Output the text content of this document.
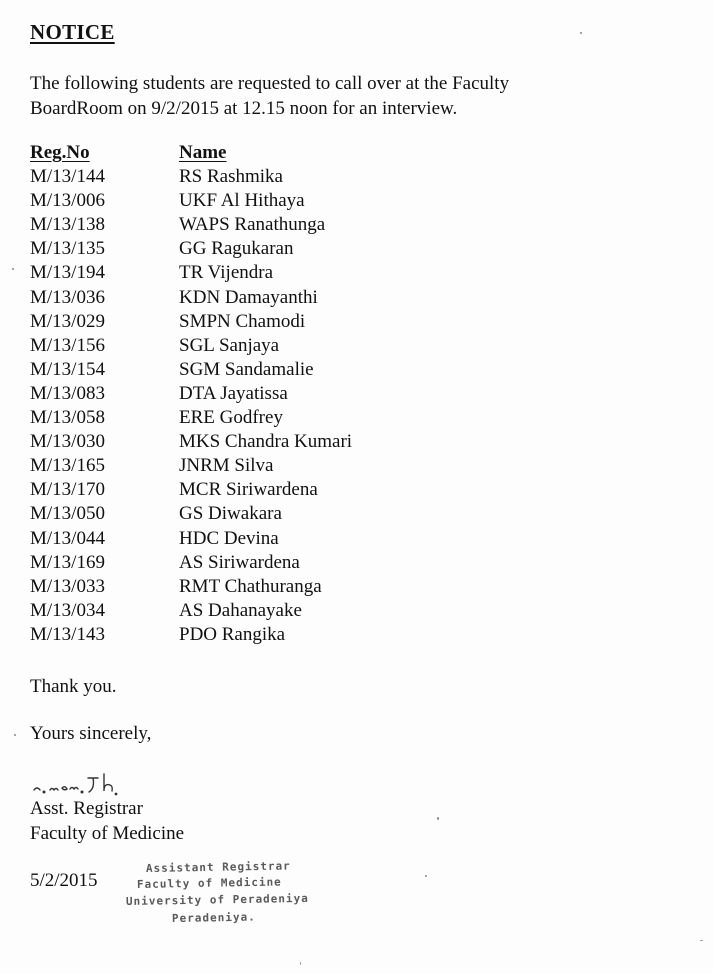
NOTICE
The following students are requested to call over at the Faculty
BoardRoom on 9/2/2015 at 12.15 noon for an interview.
Reg.No	Name
M/13/144	RS Rashmika
M/13/006	UKF Al Hithaya
M/13/138	WAPS Ranathunga
M/13/135	GG Ragukaran
M/13/194	TR Vijendra
M/13/036	KDN Damayanthi
M/13/029	SMPN Chamodi
M/13/156	SGL Sanjaya
M/13/154	SGM Sandamalie
M/13/083	DTA Jayatissa
M/13/058	ERE Godfrey
M/13/030	MKS Chandra Kumari
M/13/165	JNRM Silva
M/13/170	MCR Siriwardena
M/13/050	GS Diwakara
M/13/044	HDC Devina
M/13/169	AS Siriwardena
M/13/033	RMT Chathuranga
M/13/034	AS Dahanayake
M/13/143	PDO Rangika
Thank you.
Yours sincerely,
Asst. Registrar
Faculty of Medicine
5/2/2015
Assistant Registrar
Faculty of Medicine
University of Peradeniya
Peradeniya.
